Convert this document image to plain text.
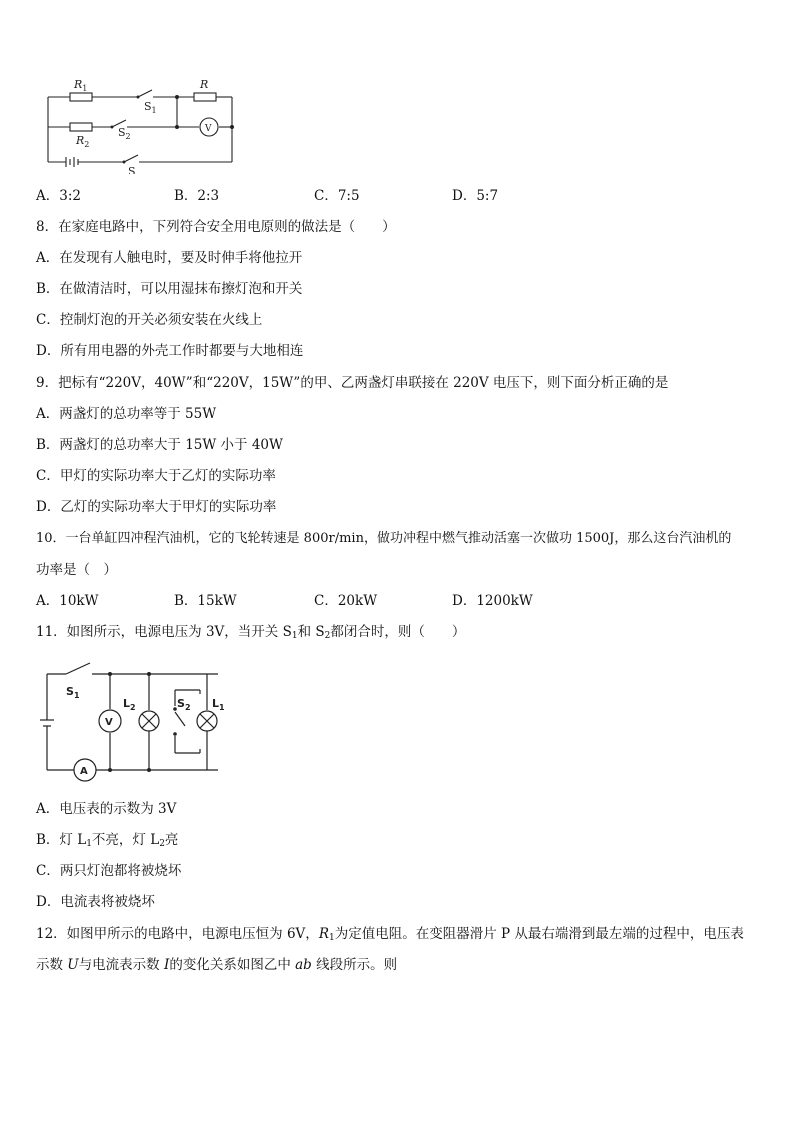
$R_1$	R
$S_1$
$R_2$
$S_2$
S
V
A．3:2	B．2:3	C．7:5	D．5:7
8．在家庭电路中，下列符合安全用电原则的做法是（　　）
A．在发现有人触电时，要及时伸手将他拉开
B．在做清洁时，可以用湿抹布擦灯泡和开关
C．控制灯泡的开关必须安装在火线上
D．所有用电器的外壳工作时都要与大地相连
9．把标有“220V，40W”和“220V，15W”的甲、乙两盏灯串联接在 220V 电压下，则下面分析正确的是
A．两盏灯的总功率等于 55W
B．两盏灯的总功率大于 15W 小于 40W
C．甲灯的实际功率大于乙灯的实际功率
D．乙灯的实际功率大于甲灯的实际功率
10．一台单缸四冲程汽油机，它的飞轮转速是 800r/min，做功冲程中燃气推动活塞一次做功 1500J，那么这台汽油机的
功率是（　）
A．10kW	B．15kW	C．20kW	D．1200kW
11．如图所示，电源电压为 3V，当开关 $S_1$和 $S_2$都闭合时，则（　　）
$S_1$
$L_2$	$S_2$ $L_1$
V
A
A．电压表的示数为 3V
B．灯 $L_1$不亮，灯 $L_2$亮
C．两只灯泡都将被烧坏
D．电流表将被烧坏
12．如图甲所示的电路中，电源电压恒为 6V，$R_1$为定值电阻。在变阻器滑片 P 从最右端滑到最左端的过程中，电压表
示数 U与电流表示数 I的变化关系如图乙中 ab 线段所示。则
